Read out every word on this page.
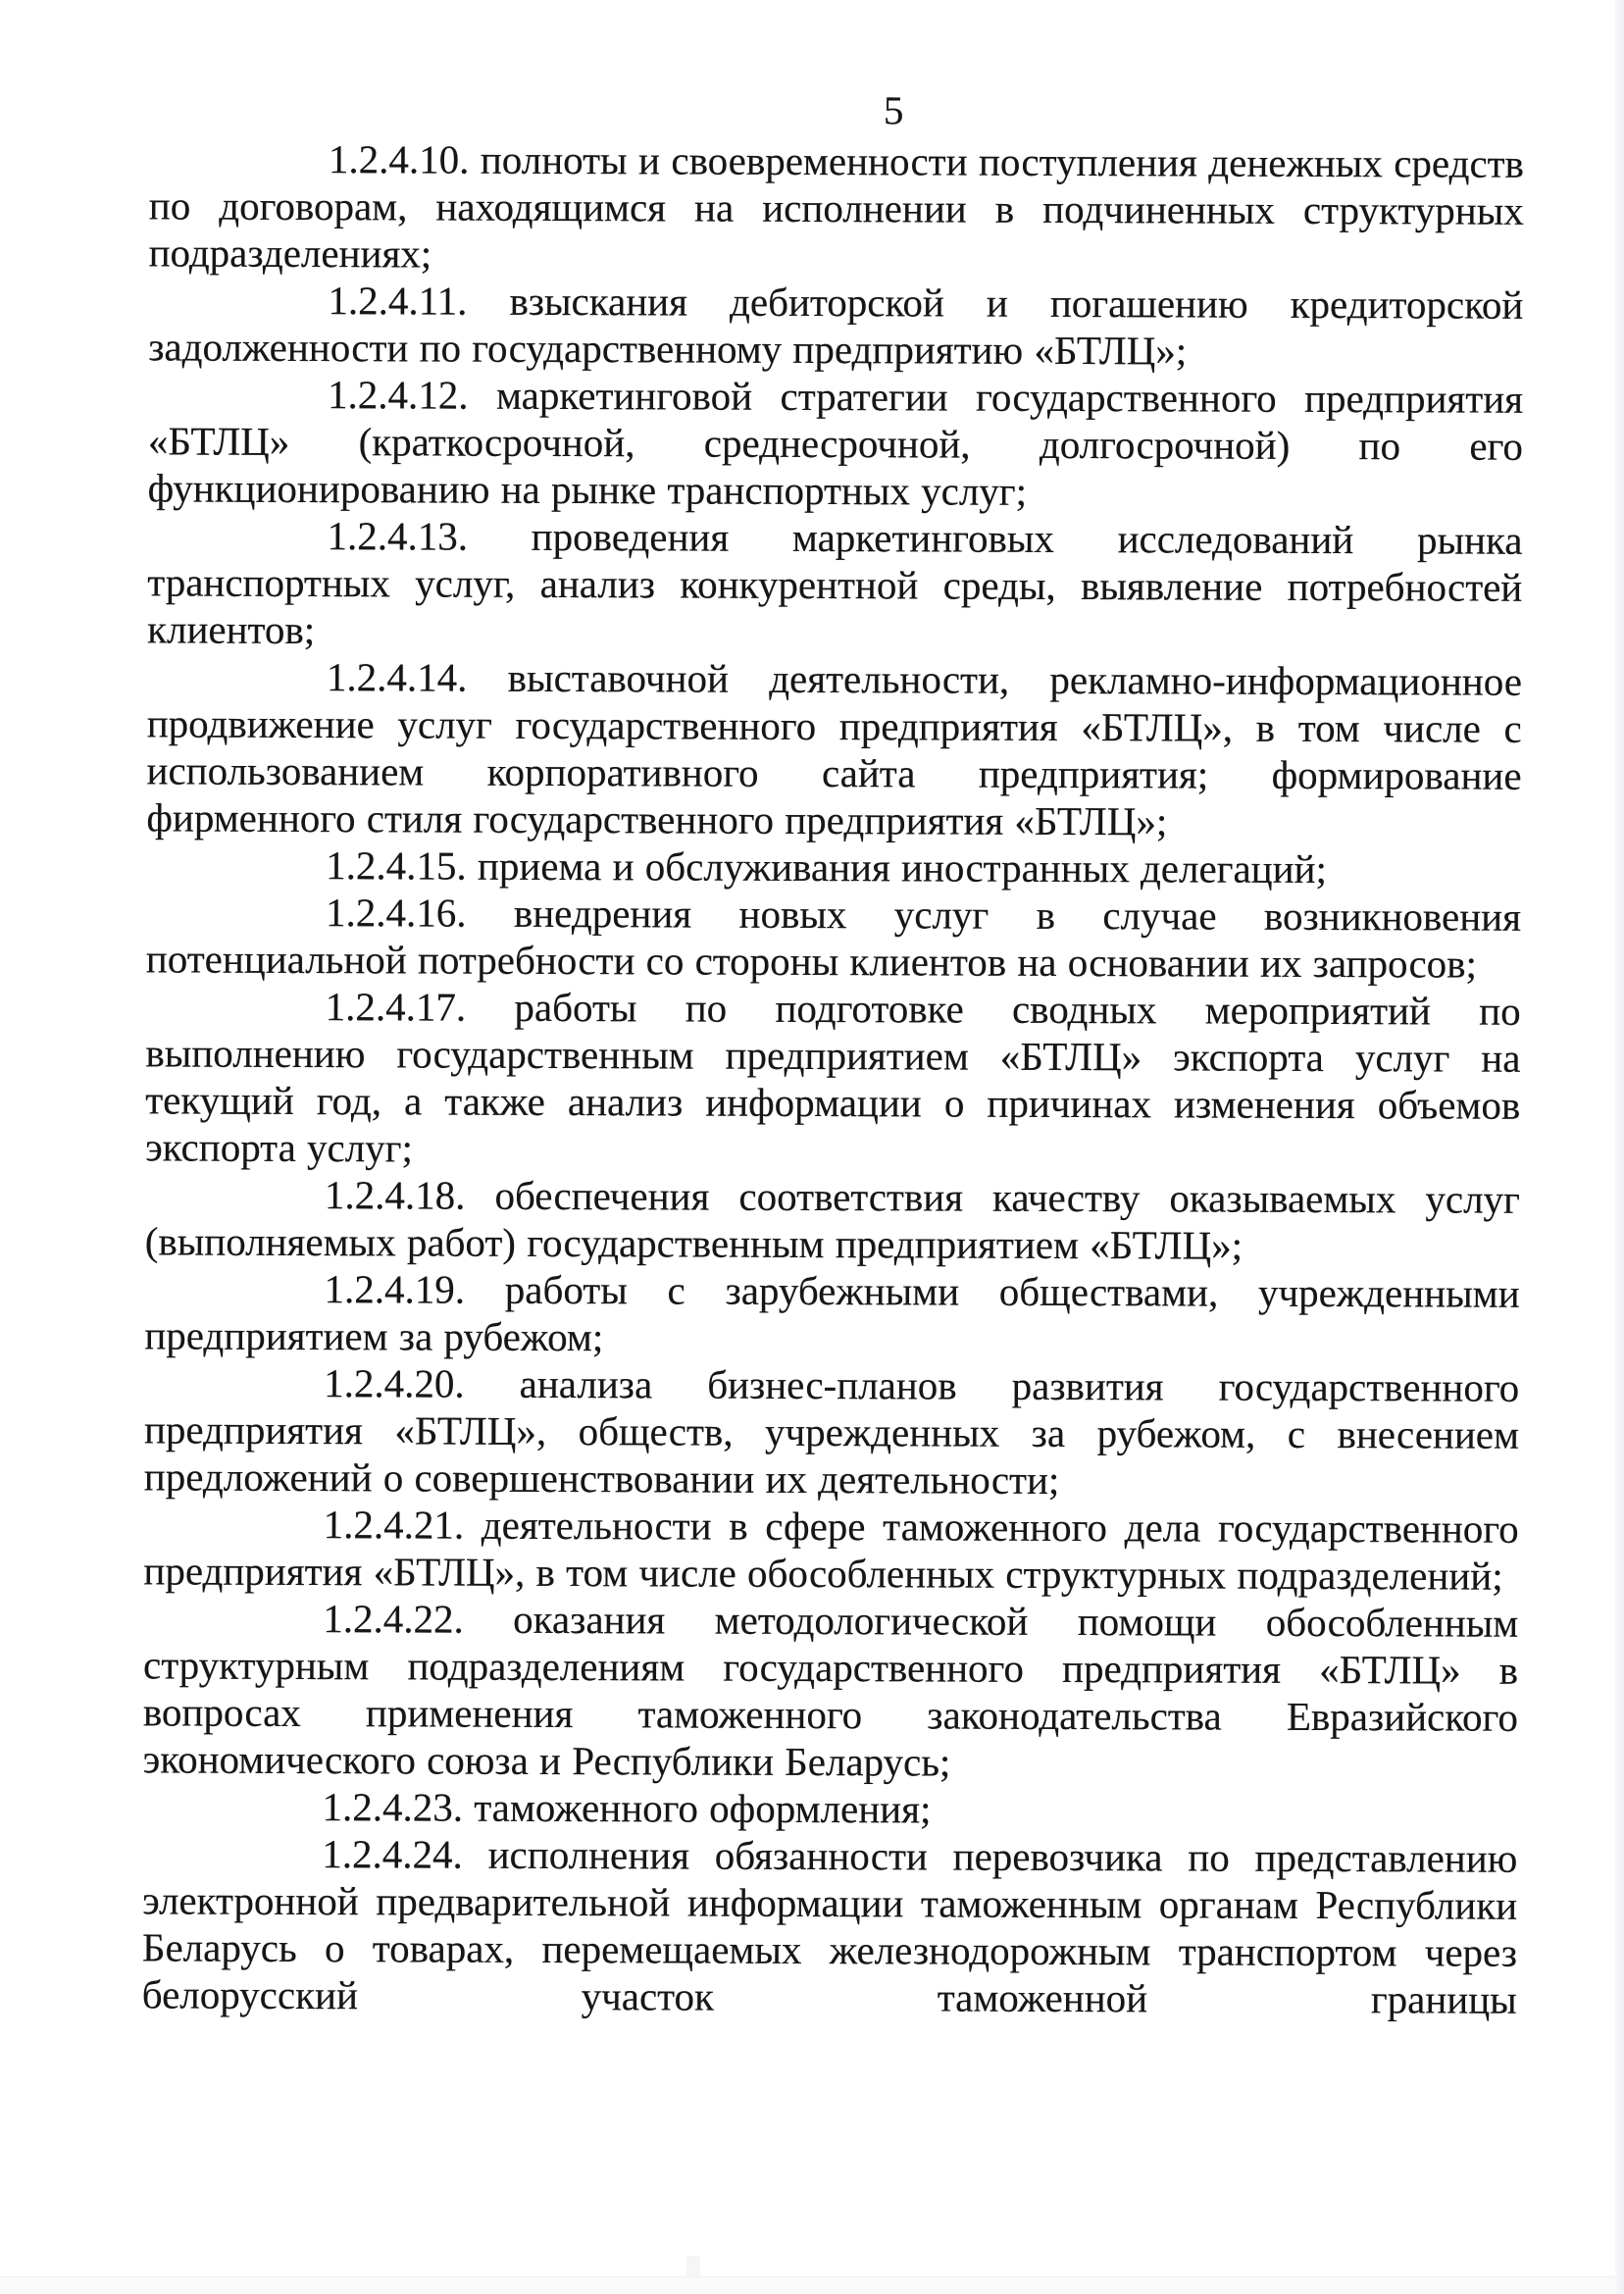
5

1.2.4.10. полноты и своевременности поступления денежных средств по договорам, находящимся на исполнении в подчиненных структурных подразделениях;

1.2.4.11. взыскания дебиторской и погашению кредиторской задолженности по государственному предприятию «БТЛЦ»;

1.2.4.12. маркетинговой стратегии государственного предприятия «БТЛЦ» (краткосрочной, среднесрочной, долгосрочной) по его функционированию на рынке транспортных услуг;

1.2.4.13. проведения маркетинговых исследований рынка транспортных услуг, анализ конкурентной среды, выявление потребностей клиентов;

1.2.4.14. выставочной деятельности, рекламно-информационное продвижение услуг государственного предприятия «БТЛЦ», в том числе с использованием корпоративного сайта предприятия; формирование фирменного стиля государственного предприятия «БТЛЦ»;

1.2.4.15. приема и обслуживания иностранных делегаций;

1.2.4.16. внедрения новых услуг в случае возникновения потенциальной потребности со стороны клиентов на основании их запросов;

1.2.4.17. работы по подготовке сводных мероприятий по выполнению государственным предприятием «БТЛЦ» экспорта услуг на текущий год, а также анализ информации о причинах изменения объемов экспорта услуг;

1.2.4.18. обеспечения соответствия качеству оказываемых услуг (выполняемых работ) государственным предприятием «БТЛЦ»;

1.2.4.19. работы с зарубежными обществами, учрежденными предприятием за рубежом;

1.2.4.20. анализа бизнес-планов развития государственного предприятия «БТЛЦ», обществ, учрежденных за рубежом, с внесением предложений о совершенствовании их деятельности;

1.2.4.21. деятельности в сфере таможенного дела государственного предприятия «БТЛЦ», в том числе обособленных структурных подразделений;

1.2.4.22. оказания методологической помощи обособленным структурным подразделениям государственного предприятия «БТЛЦ» в вопросах применения таможенного законодательства Евразийского экономического союза и Республики Беларусь;

1.2.4.23. таможенного оформления;

1.2.4.24. исполнения обязанности перевозчика по представлению электронной предварительной информации таможенным органам Республики Беларусь о товарах, перемещаемых железнодорожным транспортом через белорусский участок таможенной границы
